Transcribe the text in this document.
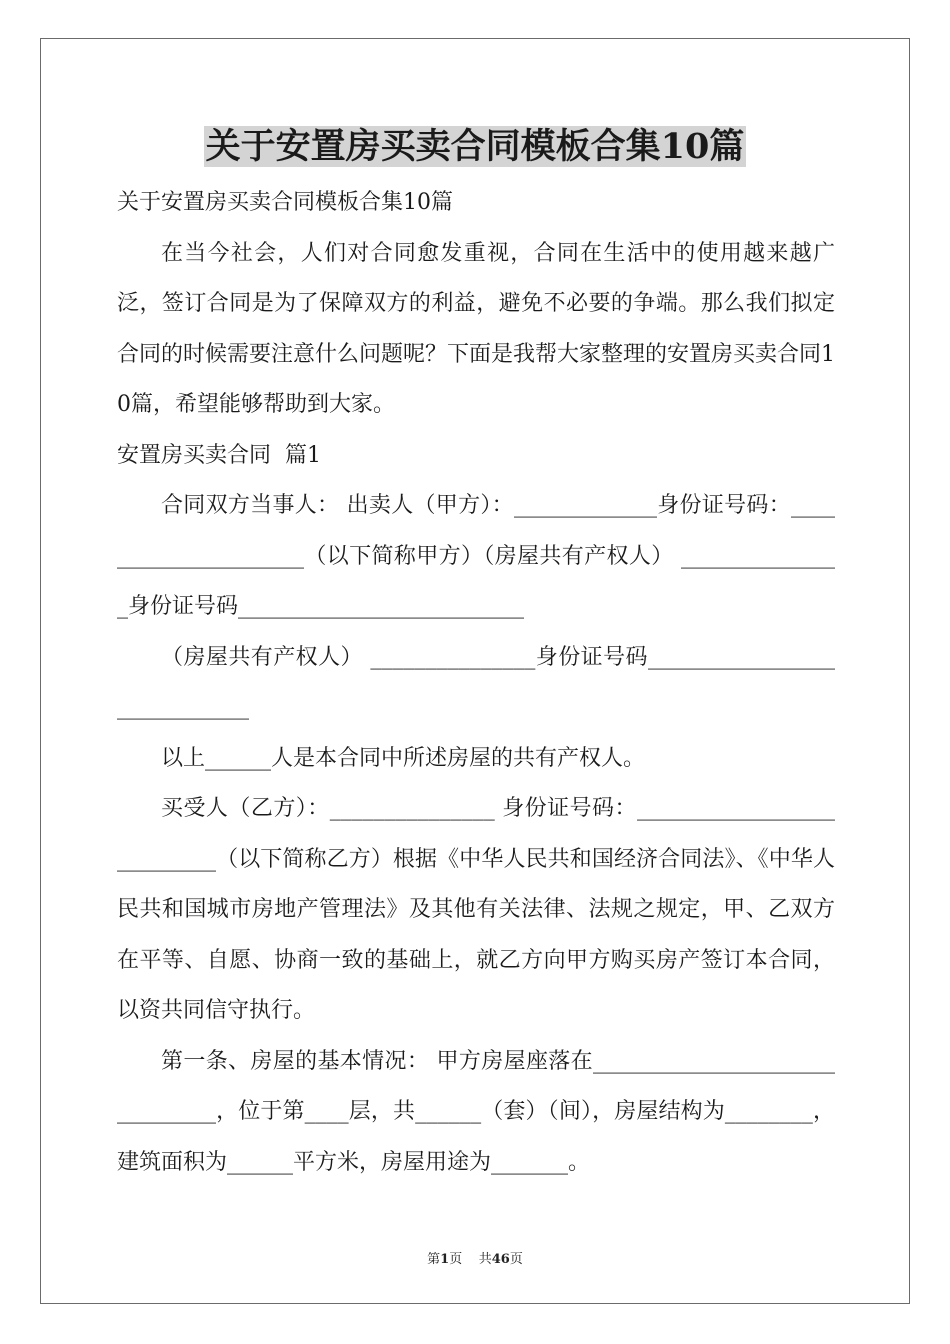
关于安置房买卖合同模板合集10篇

关于安置房买卖合同模板合集10篇

在当今社会，人们对合同愈发重视，合同在生活中的使用越来越广泛，签订合同是为了保障双方的利益，避免不必要的争端。那么我们拟定合同的时候需要注意什么问题呢？下面是我帮大家整理的安置房买卖合同10篇，希望能够帮助到大家。

安置房买卖合同  篇1

合同双方当事人： 出卖人（甲方）：_____________身份证号码：_____________________（以下简称甲方）（房屋共有产权人） _______________身份证号码__________________________

（房屋共有产权人） _______________身份证号码_____________________________

以上______人是本合同中所述房屋的共有产权人。

买受人（乙方）：_______________ 身份证号码：___________________________（以下简称乙方）根据《中华人民共和国经济合同法》、《中华人民共和国城市房地产管理法》及其他有关法律、法规之规定，甲、乙双方在平等、自愿、协商一致的基础上，就乙方向甲方购买房产签订本合同，以资共同信守执行。

第一条、房屋的基本情况： 甲方房屋座落在_______________________________，位于第____层，共______（套）（间），房屋结构为________，建筑面积为______平方米，房屋用途为_______。

第1页 共46页
